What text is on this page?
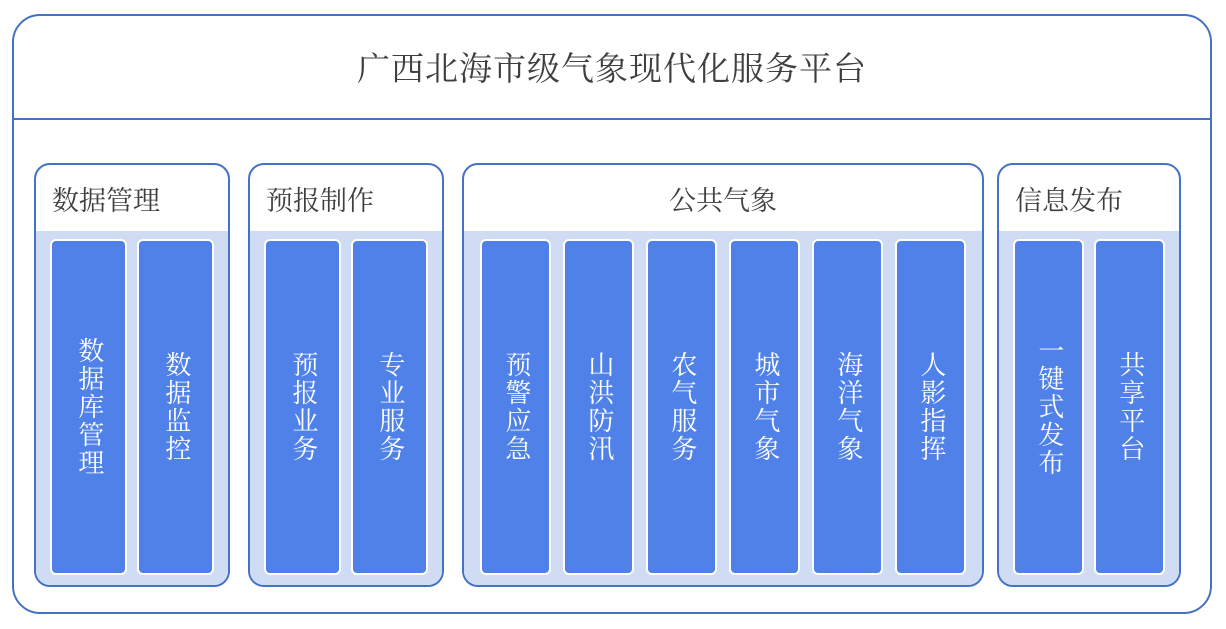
广西北海市级气象现代化服务平台
数据管理
数据库管理 数据监控
预报制作
预报业务 专业服务
公共气象
预警应急 山洪防汛 农气服务 城市气象 海洋气象 人影指挥
信息发布
一键式发布 共享平台
